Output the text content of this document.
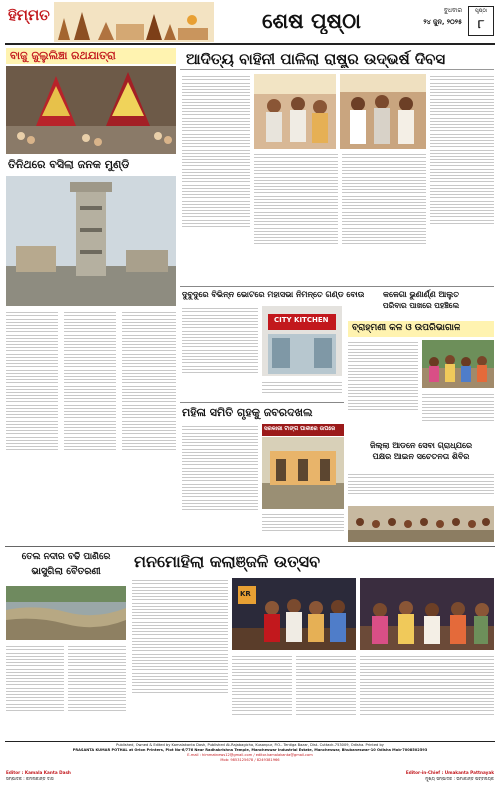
ହିମ୍ମତ	ଶେଷ ପୃଷ୍ଠା	ବୁଧବାର
୨୪ ଜୁନ, ୨୦୨୫
ପୃଷ୍ଠା
୮
ବାଜୁ ଜୁଲୁଲିଞ୍ଚା ରଥଯାତ୍ରା
ତିନିଥରେ ବସିଲା ଜନକ ମୁଣ୍ଡି
ଆଦିତ୍ୟ ବାହିନୀ ପାଳିଲା ରାଷ୍ଟ୍ର ଉଦ୍ଭର୍ଷ ଦିବସ
ଦୁବୁଦୁରେ ବିଭିନ୍ନ ଭୋଟରେ ମହାସଭା ନିମନ୍ତେ ଗଣ୍ଡ ବୋଉ
CITY KITCHEN
କଳେଗା ଭୁଣାର୍ଣ୍ଣ ଆଲୁତ
ପରିବାର ପାଖରେ ପହଞ୍ଚିଲେ
ବ୍ରାହ୍ମଣୀ କଳ ଓ ଉପରିଭାଗାଳ
ମହିଳା ସମିତି ଗୃହକୁ ଜବରଦଖଲ
ସରକାରୀ ଟାଙ୍ଗ ପାର୍କାରେ ଉପରେ
ଜିଲ୍ଲା ଆଡନେ ସେବା ଗ୍ରାଧ୍ଯରେ
ପକ୍ଷର ଆଇନ ସଚେତନତା ଶିବିର
ତେଲ ନଦୀର ବଢି ପାଣିରେ
ଭାସୁଗିଲା ବୈତରଣୀ
ମନମୋହିଲା କଲାଞ୍ଜଳି ଉତ୍ସବ
KR
Published, Owned & Edited by Kamalakanta Dash, Published At-Rajabagicha, Kusanpur, P.O.- Tentiga Bazar, Dist- Cuttack-753009, Odisha. Printed by
PRASANTA KUMAR POTHAL at Orion Printers, Plot No-6/776 Near Radhakrishna Temple, Mancheswar Industrial Estate, Mancheswar, Bhubaneswar-10 Odisha Mob-7008502593
E-mail : himmatnews12@gmail.com / editor.kamalakanta@gmail.com
Mob: 9853125678 / 8249381966
Editor : Kamala Kanta Dash
ସମ୍ପାଦକ : କମଳାକାନ୍ତ ଦାସ
Editor-in-Chief : Umakanta Pattnayak
ମୁଖ୍ୟ ସମ୍ପାଦକ : ଉମାକାନ୍ତ ପଟ୍ଟନାୟକ
